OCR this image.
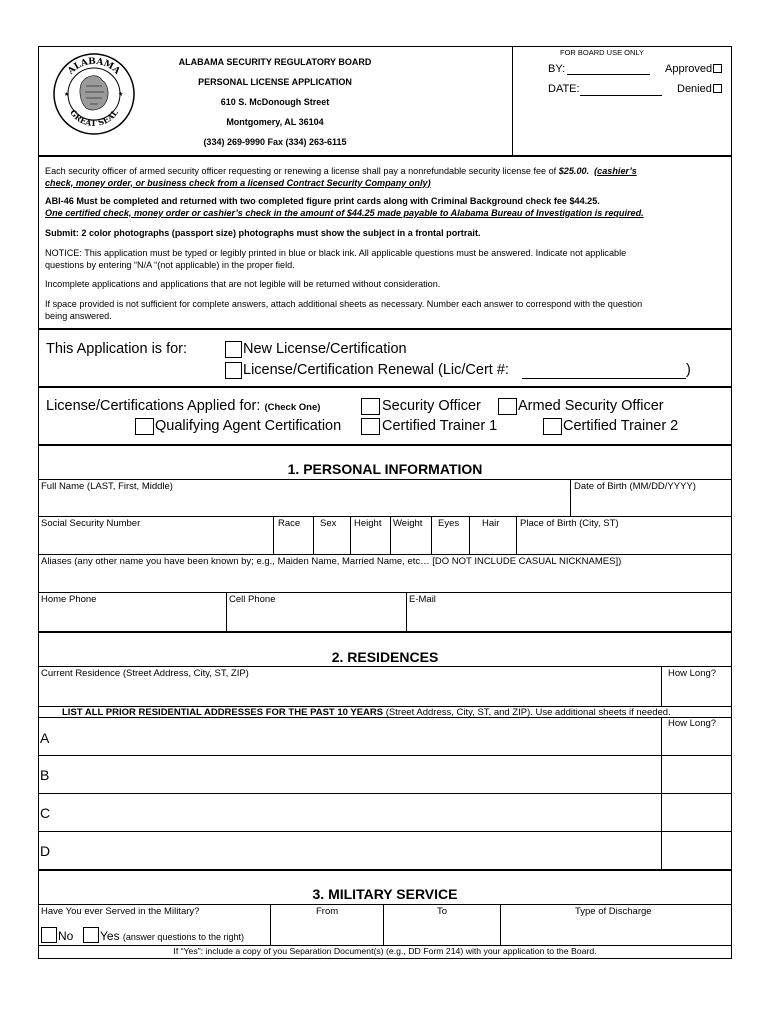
ALABAMA
GREAT SEAL
★	★
ALABAMA SECURITY REGULATORY BOARD
PERSONAL LICENSE APPLICATION
610 S. McDonough Street
Montgomery, AL 36104
(334) 269-9990 Fax (334) 263-6115
FOR BOARD USE ONLY
BY:	Approved
DATE:	Denied
Each security officer of armed security officer requesting or renewing a license shall pay a nonrefundable security license fee of $25.00. (cashier’s
check, money order, or business check from a licensed Contract Security Company only)
ABI-46 Must be completed and returned with two completed figure print cards along with Criminal Background check fee $44.25.
One certified check, money order or cashier’s check in the amount of $44.25 made payable to Alabama Bureau of Investigation is required.
Submit: 2 color photographs (passport size) photographs must show the subject in a frontal portrait.
NOTICE: This application must be typed or legibly printed in blue or black ink. All applicable questions must be answered. Indicate not applicable
questions by entering “N/A “(not applicable) in the proper field.
Incomplete applications and applications that are not legible will be returned without consideration.
If space provided is not sufficient for complete answers, attach additional sheets as necessary. Number each answer to correspond with the question
being answered.
This Application is for:	New License/Certification
License/Certification Renewal (Lic/Cert #:	)
License/Certifications Applied for: (Check One)	Security Officer	Armed Security Officer
Qualifying Agent Certification	Certified Trainer 1	Certified Trainer 2
1. PERSONAL INFORMATION
Full Name (LAST, First, Middle)	Date of Birth (MM/DD/YYYY)
Social Security Number	Race Sex Height Weight Eyes Hair Place of Birth (City, ST)
Aliases (any other name you have been known by; e.g., Maiden Name, Married Name, etc… [DO NOT INCLUDE CASUAL NICKNAMES])
Home Phone	Cell Phone	E-Mail
2. RESIDENCES
Current Residence (Street Address, City, ST, ZIP)	How Long?
LIST ALL PRIOR RESIDENTIAL ADDRESSES FOR THE PAST 10 YEARS (Street Address, City, ST, and ZIP). Use additional sheets if needed.
How Long?
A
B
C
D
3. MILITARY SERVICE
Have You ever Served in the Military?	From	To	Type of Discharge
No Yes (answer questions to the right)
If “Yes”: include a copy of you Separation Document(s) (e.g., DD Form 214) with your application to the Board.
